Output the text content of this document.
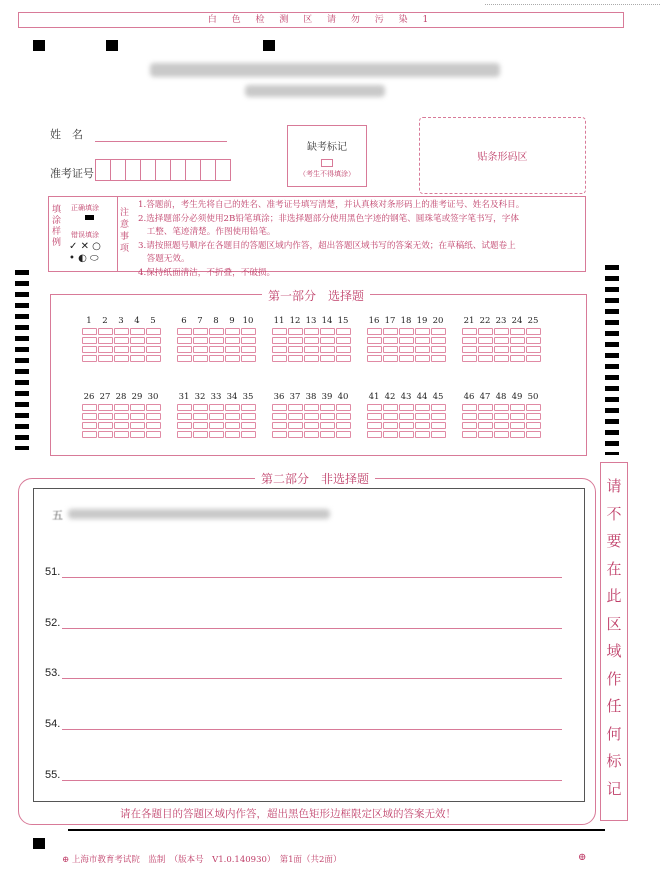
白 色 检 测 区 请 勿 污 染 1
姓　名
准考证号
缺考标记
（考生不得填涂）
贴条形码区
填涂样例
正确填涂
错误填涂
✓ ✕ ○
• ◐ ⬭
注意事项
1.答题前，考生先将自己的姓名、准考证号填写清楚，并认真核对条形码上的准考证号、姓名及科目。
2.选择题部分必须使用2B铅笔填涂；非选择题部分使用黑色字迹的钢笔、圆珠笔或签字笔书写，字体
　工整、笔迹清楚。作图使用铅笔。
3.请按照题号顺序在各题目的答题区域内作答，超出答题区域书写的答案无效；在草稿纸、试题卷上
　答题无效。
4.保持纸面清洁，不折叠，不破损。
第一部分　选择题
1	2	3	4	5	6	7	8	9 10 11 12 13 14 15 16 17 18 19 20 21 22 23 24 25
26 27 28 29 30 31 32 33 34 35 36 37 38 39 40 41 42 43 44 45 46 47 48 49 50
第二部分　非选择题
五
51.
52.
53.
54.
55.
请在各题目的答题区域内作答，超出黑色矩形边框限定区域的答案无效！
请
不
要
在
此
区
域
作
任
何
标
记
⊕ 上海市教育考试院　监制　（版本号　V1.0.140930）　第1面（共2面）	⊕
